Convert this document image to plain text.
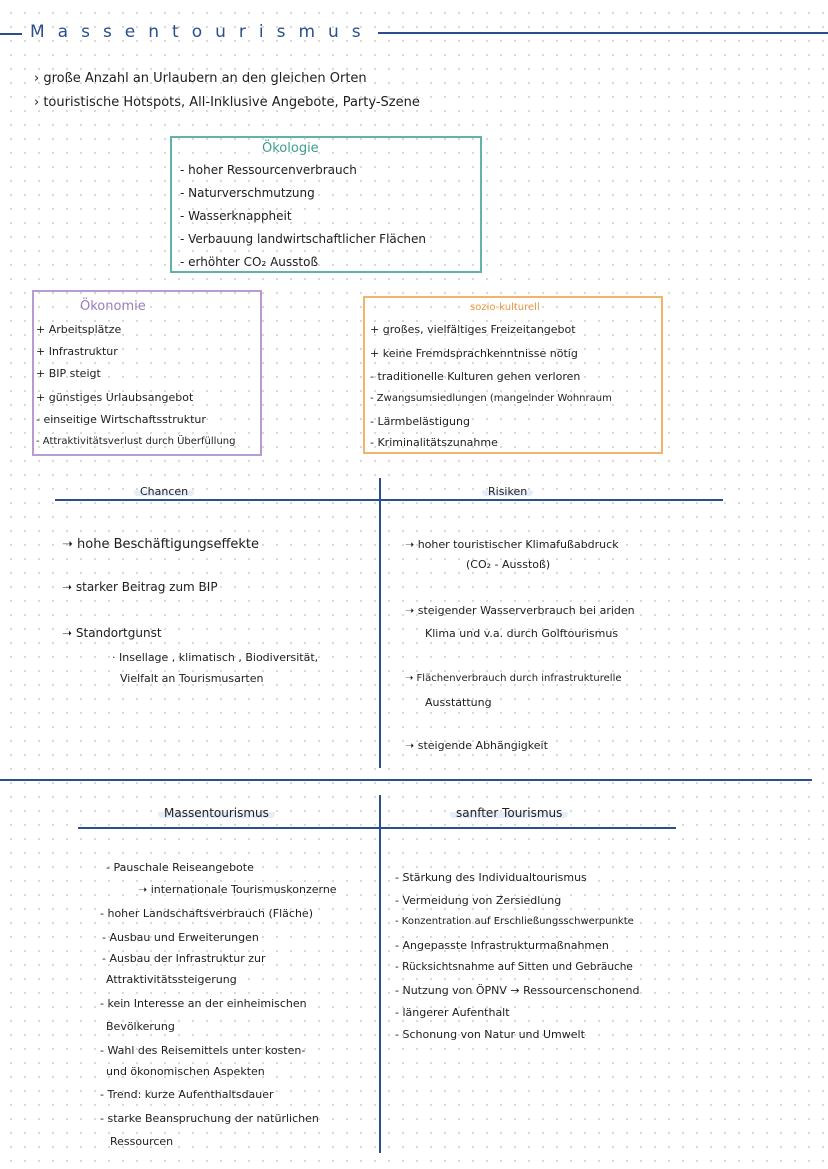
Massentourismus
› große Anzahl an Urlaubern an den gleichen Orten
› touristische Hotspots, All-Inklusive Angebote, Party-Szene
Ökologie
- hoher Ressourcenverbrauch
- Naturverschmutzung
- Wasserknappheit
- Verbauung landwirtschaftlicher Flächen
- erhöhter CO₂ Ausstoß
Ökonomie
+ Arbeitsplätze
+ Infrastruktur
+ BIP steigt
+ günstiges Urlaubsangebot
- einseitige Wirtschaftsstruktur
- Attraktivitätsverlust durch Überfüllung
sozio-kulturell
+ großes, vielfältiges Freizeitangebot
+ keine Fremdsprachkenntnisse nötig
- traditionelle Kulturen gehen verloren
- Zwangsumsiedlungen (mangelnder Wohnraum
- Lärmbelästigung
- Kriminalitätszunahme
Chancen	Risiken
➝ hohe Beschäftigungseffekte
➝ starker Beitrag zum BIP
➝ Standortgunst
· Insellage , klimatisch , Biodiversität,
Vielfalt an Tourismusarten
➝ hoher touristischer Klimafußabdruck
(CO₂ - Ausstoß)
➝ steigender Wasserverbrauch bei ariden
Klima und v.a. durch Golftourismus
➝ Flächenverbrauch durch infrastrukturelle
Ausstattung
➝ steigende Abhängigkeit
Massentourismus	sanfter Tourismus
- Pauschale Reiseangebote
➝ internationale Tourismuskonzerne
- hoher Landschaftsverbrauch (Fläche)
- Ausbau und Erweiterungen
- Ausbau der Infrastruktur zur
Attraktivitätssteigerung
- kein Interesse an der einheimischen
Bevölkerung
- Wahl des Reisemittels unter kosten-
und ökonomischen Aspekten
- Trend: kurze Aufenthaltsdauer
- starke Beanspruchung der natürlichen
Ressourcen
- Stärkung des Individualtourismus
- Vermeidung von Zersiedlung
- Konzentration auf Erschließungsschwerpunkte
- Angepasste Infrastrukturmaßnahmen
- Rücksichtsnahme auf Sitten und Gebräuche
- Nutzung von ÖPNV → Ressourcenschonend
- längerer Aufenthalt
- Schonung von Natur und Umwelt
